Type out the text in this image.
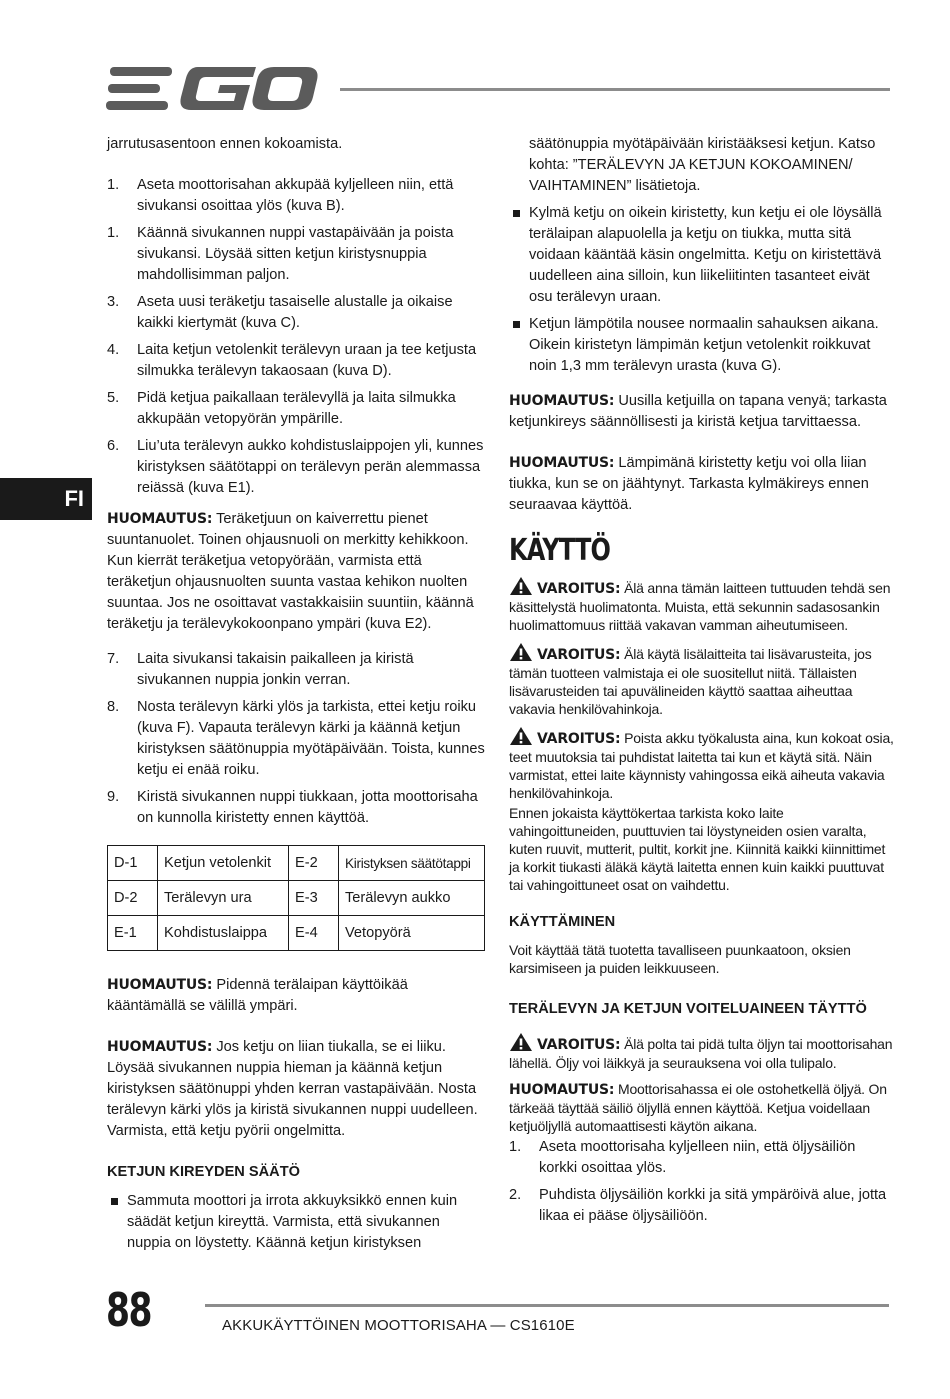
FI

jarrutusasentoon ennen kokoamista.

1. Aseta moottorisahan akkupää kyljelleen niin, että sivukansi osoittaa ylös (kuva B).
1. Käännä sivukannen nuppi vastapäivään ja poista sivukansi. Löysää sitten ketjun kiristysnuppia mahdollisimman paljon.
3. Aseta uusi teräketju tasaiselle alustalle ja oikaise kaikki kiertymät (kuva C).
4. Laita ketjun vetolenkit terälevyn uraan ja tee ketjusta silmukka terälevyn takaosaan (kuva D).
5. Pidä ketjua paikallaan terälevyllä ja laita silmukka akkupään vetopyörän ympärille.
6. Liu’uta terälevyn aukko kohdistuslaippojen yli, kunnes kiristyksen säätötappi on terälevyn perän alemmassa reiässä (kuva E1).

HUOMAUTUS: Teräketjuun on kaiverrettu pienet suuntanuolet. Toinen ohjausnuoli on merkitty kehikkoon. Kun kierrät teräketjua vetopyörään, varmista että teräketjun ohjausnuolten suunta vastaa kehikon nuolten suuntaa. Jos ne osoittavat vastakkaisiin suuntiin, käännä teräketju ja terälevykokoonpano ympäri (kuva E2).

7. Laita sivukansi takaisin paikalleen ja kiristä sivukannen nuppia jonkin verran.
8. Nosta terälevyn kärki ylös ja tarkista, ettei ketju roiku (kuva F). Vapauta terälevyn kärki ja käännä ketjun kiristyksen säätönuppia myötäpäivään. Toista, kunnes ketju ei enää roiku.
9. Kiristä sivukannen nuppi tiukkaan, jotta moottorisaha on kunnolla kiristetty ennen käyttöä.
D-1	Ketjun vetolenkit	E-2	Kiristyksen säätötappi
D-2	Terälevyn ura	E-3	Terälevyn aukko
E-1	Kohdistuslaippa	E-4	Vetopyörä

HUOMAUTUS: Pidennä terälaipan käyttöikää kääntämällä se välillä ympäri.

HUOMAUTUS: Jos ketju on liian tiukalla, se ei liiku. Löysää sivukannen nuppia hieman ja käännä ketjun kiristyksen säätönuppi yhden kerran vastapäivään. Nosta terälevyn kärki ylös ja kiristä sivukannen nuppi uudelleen. Varmista, että ketju pyörii ongelmitta.

KETJUN KIREYDEN SÄÄTÖ
Sammuta moottori ja irrota akkuyksikkö ennen kuin säädät ketjun kireyttä. Varmista, että sivukannen nuppia on löystetty. Käännä ketjun kiristyksen

säätönuppia myötäpäivään kiristääksesi ketjun. Katso kohta: ”TERÄLEVYN JA KETJUN KOKOAMINEN/ VAIHTAMINEN” lisätietoja.

Kylmä ketju on oikein kiristetty, kun ketju ei ole löysällä terälaipan alapuolella ja ketju on tiukka, mutta sitä voidaan kääntää käsin ongelmitta. Ketju on kiristettävä uudelleen aina silloin, kun liikeliitinten tasanteet eivät osu terälevyn uraan.
Ketjun lämpötila nousee normaalin sahauksen aikana. Oikein kiristetyn lämpimän ketjun vetolenkit roikkuvat noin 1,3 mm terälevyn urasta (kuva G).

HUOMAUTUS: Uusilla ketjuilla on tapana venyä; tarkasta ketjunkireys säännöllisesti ja kiristä ketjua tarvittaessa.

HUOMAUTUS: Lämpimänä kiristetty ketju voi olla liian tiukka, kun se on jäähtynyt. Tarkasta kylmäkireys ennen seuraavaa käyttöä.

KÄYTTÖ

VAROITUS: Älä anna tämän laitteen tuttuuden tehdä sen käsittelystä huolimatonta. Muista, että sekunnin sadasosankin huolimattomuus riittää vakavan vamman aiheutumiseen.

VAROITUS: Älä käytä lisälaitteita tai lisävarusteita, jos tämän tuotteen valmistaja ei ole suositellut niitä. Tällaisten lisävarusteiden tai apuvälineiden käyttö saattaa aiheuttaa vakavia henkilövahinkoja.

VAROITUS: Poista akku työkalusta aina, kun kokoat osia, teet muutoksia tai puhdistat laitetta tai kun et käytä sitä. Näin varmistat, ettei laite käynnisty vahingossa eikä aiheuta vakavia henkilövahinkoja.

Ennen jokaista käyttökertaa tarkista koko laite vahingoittuneiden, puuttuvien tai löystyneiden osien varalta, kuten ruuvit, mutterit, pultit, korkit jne. Kiinnitä kaikki kiinnittimet ja korkit tiukasti äläkä käytä laitetta ennen kuin kaikki puuttuvat tai vahingoittuneet osat on vaihdettu.

KÄYTTÄMINEN

Voit käyttää tätä tuotetta tavalliseen puunkaatoon, oksien karsimiseen ja puiden leikkuuseen.

TERÄLEVYN JA KETJUN VOITELUAINEEN TÄYTTÖ

VAROITUS: Älä polta tai pidä tulta öljyn tai moottorisahan lähellä. Öljy voi läikkyä ja seurauksena voi olla tulipalo.

HUOMAUTUS: Moottorisahassa ei ole ostohetkellä öljyä. On tärkeää täyttää säiliö öljyllä ennen käyttöä. Ketjua voidellaan ketjuöljyllä automaattisesti käytön aikana.

1. Aseta moottorisaha kyljelleen niin, että öljysäiliön korkki osoittaa ylös.
2. Puhdista öljysäiliön korkki ja sitä ympäröivä alue, jotta likaa ei pääse öljysäiliöön.
88	AKKUKÄYTTÖINEN MOOTTORISAHA — CS1610E
